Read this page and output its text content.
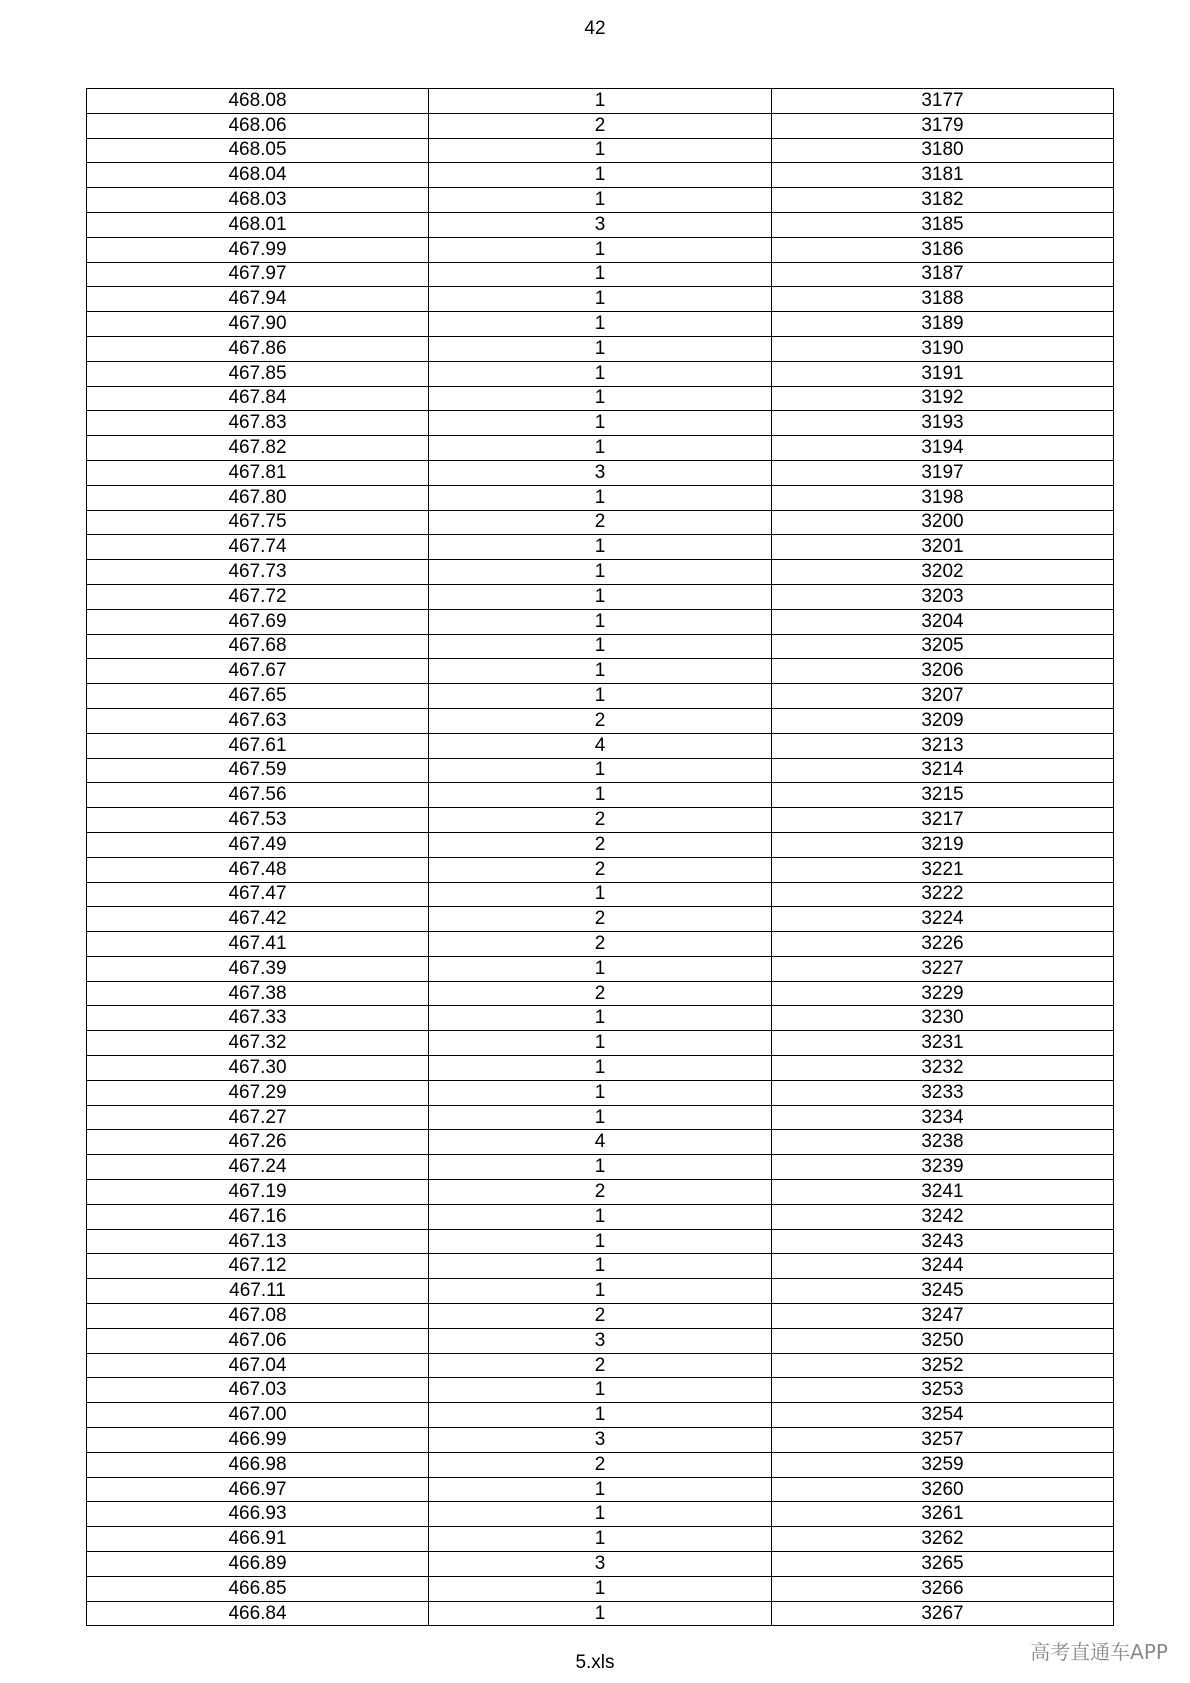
42
468.08	1	3177
468.06	2	3179
468.05	1	3180
468.04	1	3181
468.03	1	3182
468.01	3	3185
467.99	1	3186
467.97	1	3187
467.94	1	3188
467.90	1	3189
467.86	1	3190
467.85	1	3191
467.84	1	3192
467.83	1	3193
467.82	1	3194
467.81	3	3197
467.80	1	3198
467.75	2	3200
467.74	1	3201
467.73	1	3202
467.72	1	3203
467.69	1	3204
467.68	1	3205
467.67	1	3206
467.65	1	3207
467.63	2	3209
467.61	4	3213
467.59	1	3214
467.56	1	3215
467.53	2	3217
467.49	2	3219
467.48	2	3221
467.47	1	3222
467.42	2	3224
467.41	2	3226
467.39	1	3227
467.38	2	3229
467.33	1	3230
467.32	1	3231
467.30	1	3232
467.29	1	3233
467.27	1	3234
467.26	4	3238
467.24	1	3239
467.19	2	3241
467.16	1	3242
467.13	1	3243
467.12	1	3244
467.11	1	3245
467.08	2	3247
467.06	3	3250
467.04	2	3252
467.03	1	3253
467.00	1	3254
466.99	3	3257
466.98	2	3259
466.97	1	3260
466.93	1	3261
466.91	1	3262
466.89	3	3265
466.85	1	3266
466.84	1	3267
5.xls	高考直通车APP
